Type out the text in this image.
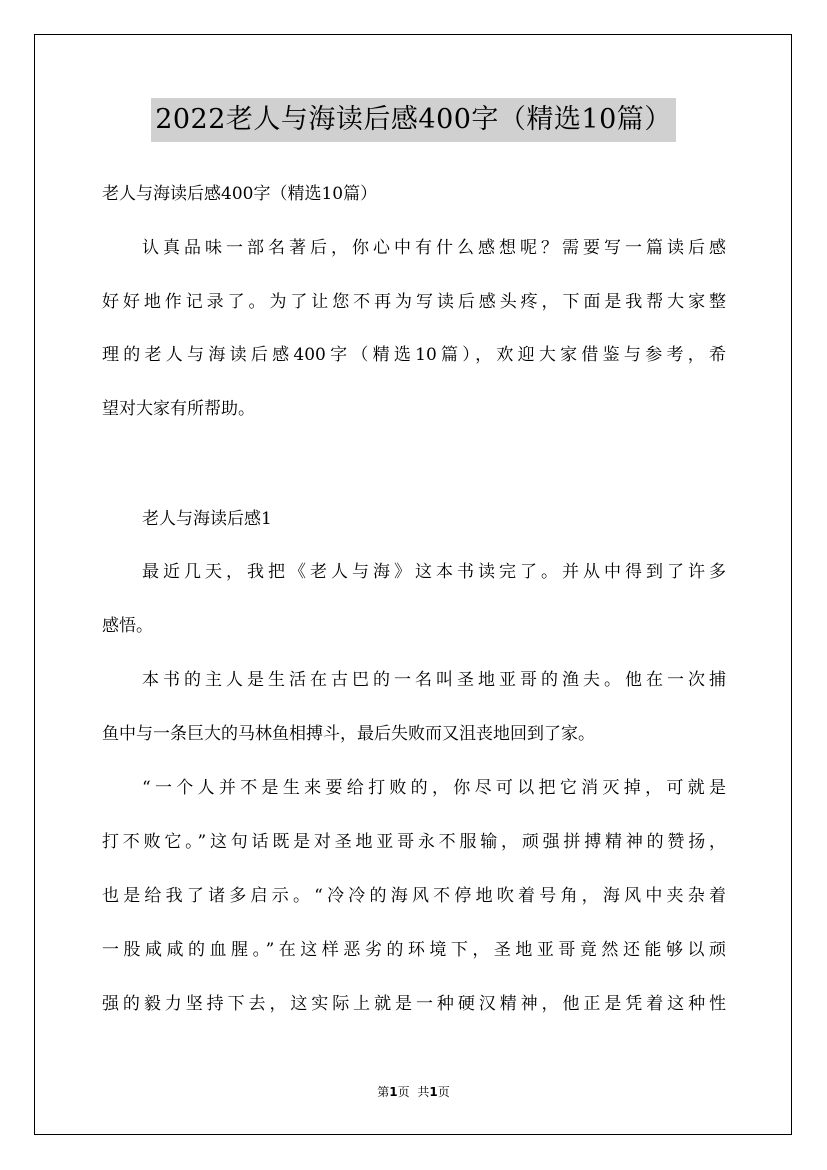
2022老人与海读后感400字（精选10篇）
老人与海读后感400字（精选10篇）
认真品味一部名著后，你心中有什么感想呢？需要写一篇读后感
好好地作记录了。为了让您不再为写读后感头疼，下面是我帮大家整
理的老人与海读后感400字（精选10篇），欢迎大家借鉴与参考，希
望对大家有所帮助。
老人与海读后感1
最近几天，我把《老人与海》这本书读完了。并从中得到了许多
感悟。
本书的主人是生活在古巴的一名叫圣地亚哥的渔夫。他在一次捕
鱼中与一条巨大的马林鱼相搏斗，最后失败而又沮丧地回到了家。
“一个人并不是生来要给打败的，你尽可以把它消灭掉，可就是
打不败它。”这句话既是对圣地亚哥永不服输，顽强拼搏精神的赞扬，
也是给我了诸多启示。“冷冷的海风不停地吹着号角，海风中夹杂着
一股咸咸的血腥。”在这样恶劣的环境下，圣地亚哥竟然还能够以顽
强的毅力坚持下去，这实际上就是一种硬汉精神，他正是凭着这种性
第1页 共1页
